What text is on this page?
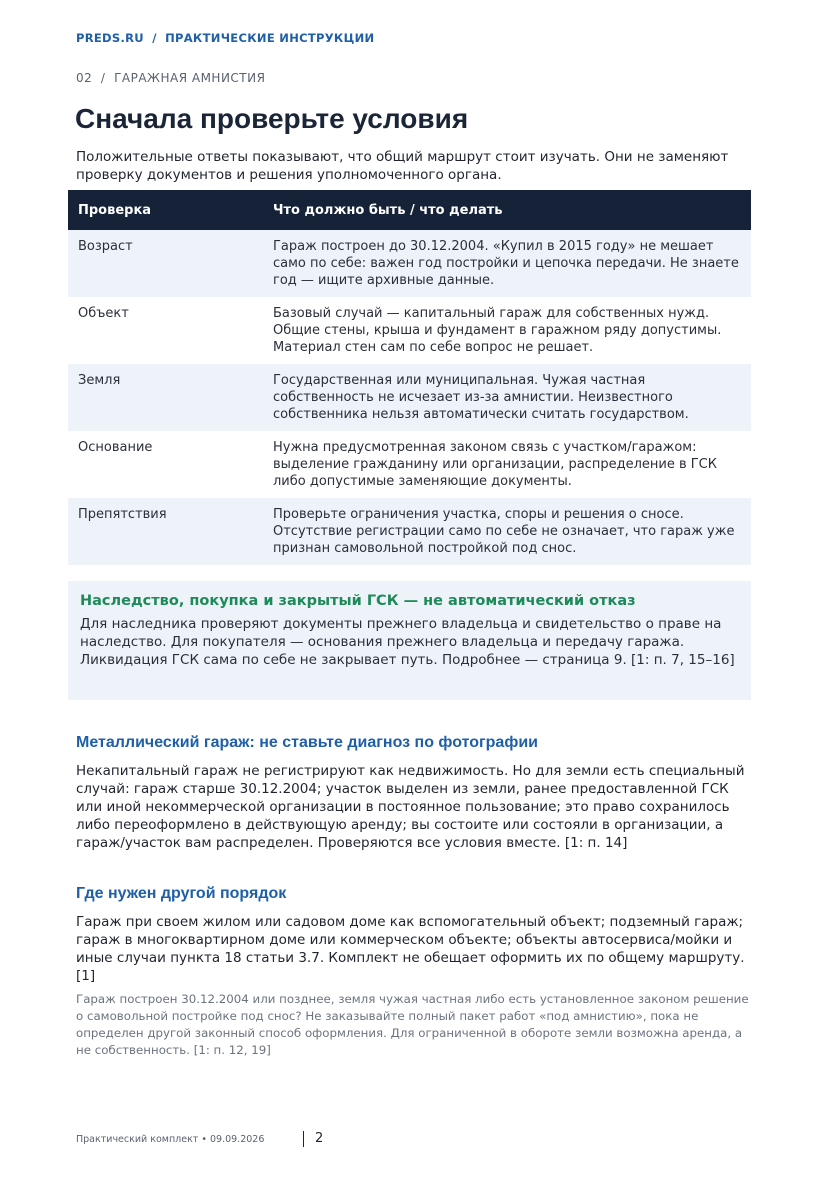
PREDS.RU / ПРАКТИЧЕСКИЕ ИНСТРУКЦИИ
02  /  ГАРАЖНАЯ АМНИСТИЯ
Сначала проверьте условия

Положительные ответы показывают, что общий маршрут стоит изучать. Они не заменяют проверку документов и решения уполномоченного органа.

Проверка	Что должно быть / что делать
Возраст	Гараж построен до 30.12.2004. «Купил в 2015 году» не мешает само по себе: важен год постройки и цепочка передачи. Не знаете год — ищите архивные данные.
Объект	Базовый случай — капитальный гараж для собственных нужд. Общие стены, крыша и фундамент в гаражном ряду допустимы. Материал стен сам по себе вопрос не решает.
Земля	Государственная или муниципальная. Чужая частная собственность не исчезает из-за амнистии. Неизвестного собственника нельзя автоматически считать государством.
Основание	Нужна предусмотренная законом связь с участком/гаражом: выделение гражданину или организации, распределение в ГСК либо допустимые заменяющие документы.
Препятствия	Проверьте ограничения участка, споры и решения о сносе. Отсутствие регистрации само по себе не означает, что гараж уже признан самовольной постройкой под снос.
Наследство, покупка и закрытый ГСК — не автоматический отказ

Для наследника проверяют документы прежнего владельца и свидетельство о праве на наследство. Для покупателя — основания прежнего владельца и передачу гаража. Ликвидация ГСК сама по себе не закрывает путь. Подробнее — страница 9. [1: п. 7, 15–16]

Металлический гараж: не ставьте диагноз по фотографии

Некапитальный гараж не регистрируют как недвижимость. Но для земли есть специальный случай: гараж старше 30.12.2004; участок выделен из земли, ранее предоставленной ГСК или иной некоммерческой организации в постоянное пользование; это право сохранилось либо переоформлено в действующую аренду; вы состоите или состояли в организации, а гараж/участок вам распределен. Проверяются все условия вместе. [1: п. 14]

Где нужен другой порядок

Гараж при своем жилом или садовом доме как вспомогательный объект; подземный гараж; гараж в многоквартирном доме или коммерческом объекте; объекты автосервиса/мойки и иные случаи пункта 18 статьи 3.7. Комплект не обещает оформить их по общему маршруту. [1]

Гараж построен 30.12.2004 или позднее, земля чужая частная либо есть установленное законом решение о самовольной постройке под снос? Не заказывайте полный пакет работ «под амнистию», пока не определен другой законный способ оформления. Для ограниченной в обороте земли возможна аренда, а не собственность. [1: п. 12, 19]

Практический комплект • 09.09.2026	2
